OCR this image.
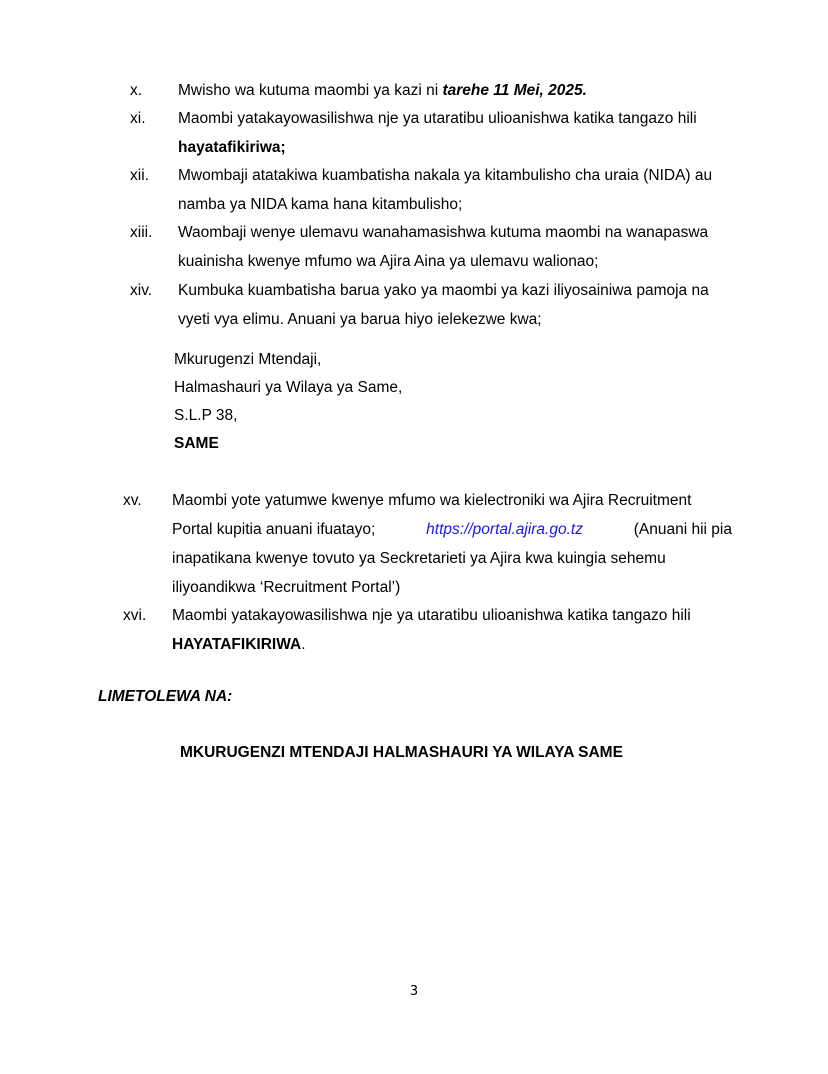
x.	Mwisho wa kutuma maombi ya kazi ni tarehe 11 Mei, 2025.
xi.	Maombi yatakayowasilishwa nje ya utaratibu ulioanishwa katika tangazo hili
hayatafikiriwa;
xii.	Mwombaji atatakiwa kuambatisha nakala ya kitambulisho cha uraia (NIDA) au
namba ya NIDA kama hana kitambulisho;
xiii.	Waombaji wenye ulemavu wanahamasishwa kutuma maombi na wanapaswa
kuainisha kwenye mfumo wa Ajira Aina ya ulemavu walionao;
xiv.	Kumbuka kuambatisha barua yako ya maombi ya kazi iliyosainiwa pamoja na
vyeti vya elimu. Anuani ya barua hiyo ielekezwe kwa;
Mkurugenzi Mtendaji,
Halmashauri ya Wilaya ya Same,
S.L.P 38,
SAME
xv.	Maombi yote yatumwe kwenye mfumo wa kielectroniki wa Ajira Recruitment
Portal kupitia anuani ifuatayo;	https://portal.ajira.go.tz	(Anuani hii pia
inapatikana kwenye tovuto ya Seckretarieti ya Ajira kwa kuingia sehemu
iliyoandikwa ‘Recruitment Portal’)
xvi.	Maombi yatakayowasilishwa nje ya utaratibu ulioanishwa katika tangazo hili
HAYATAFIKIRIWA.
LIMETOLEWA NA:
MKURUGENZI MTENDAJI HALMASHAURI YA WILAYA SAME
3
